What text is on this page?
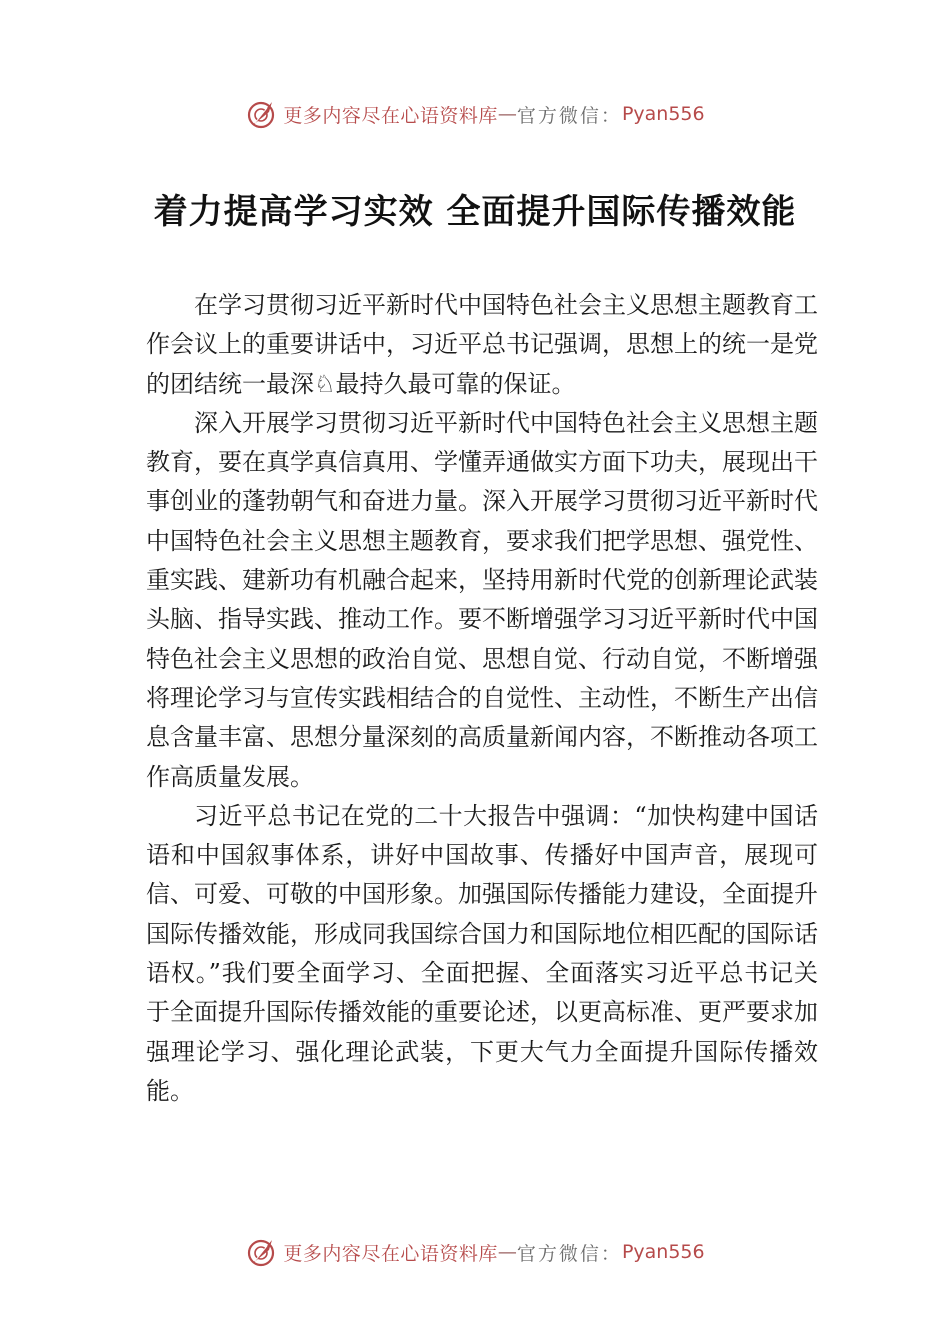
更多内容尽在心语资料库 — 官方微信： Pyan556
着力提高学习实效 全面提升国际传播效能

在学习贯彻习近平新时代中国特色社会主义思想主题教育工作会议上的重要讲话中，习近平总书记强调，思想上的统一是党的团结统一最深♘最持久最可靠的保证。

深入开展学习贯彻习近平新时代中国特色社会主义思想主题教育，要在真学真信真用、学懂弄通做实方面下功夫，展现出干事创业的蓬勃朝气和奋进力量。深入开展学习贯彻习近平新时代中国特色社会主义思想主题教育，要求我们把学思想、强党性、重实践、建新功有机融合起来，坚持用新时代党的创新理论武装头脑、指导实践、推动工作。要不断增强学习习近平新时代中国特色社会主义思想的政治自觉、思想自觉、行动自觉，不断增强将理论学习与宣传实践相结合的自觉性、主动性，不断生产出信息含量丰富、思想分量深刻的高质量新闻内容，不断推动各项工作高质量发展。

习近平总书记在党的二十大报告中强调：“加快构建中国话语和中国叙事体系，讲好中国故事、传播好中国声音，展现可信、可爱、可敬的中国形象。加强国际传播能力建设，全面提升国际传播效能，形成同我国综合国力和国际地位相匹配的国际话语权。”我们要全面学习、全面把握、全面落实习近平总书记关于全面提升国际传播效能的重要论述，以更高标准、更严要求加强理论学习、强化理论武装，下更大气力全面提升国际传播效能。

更多内容尽在心语资料库 — 官方微信： Pyan556
